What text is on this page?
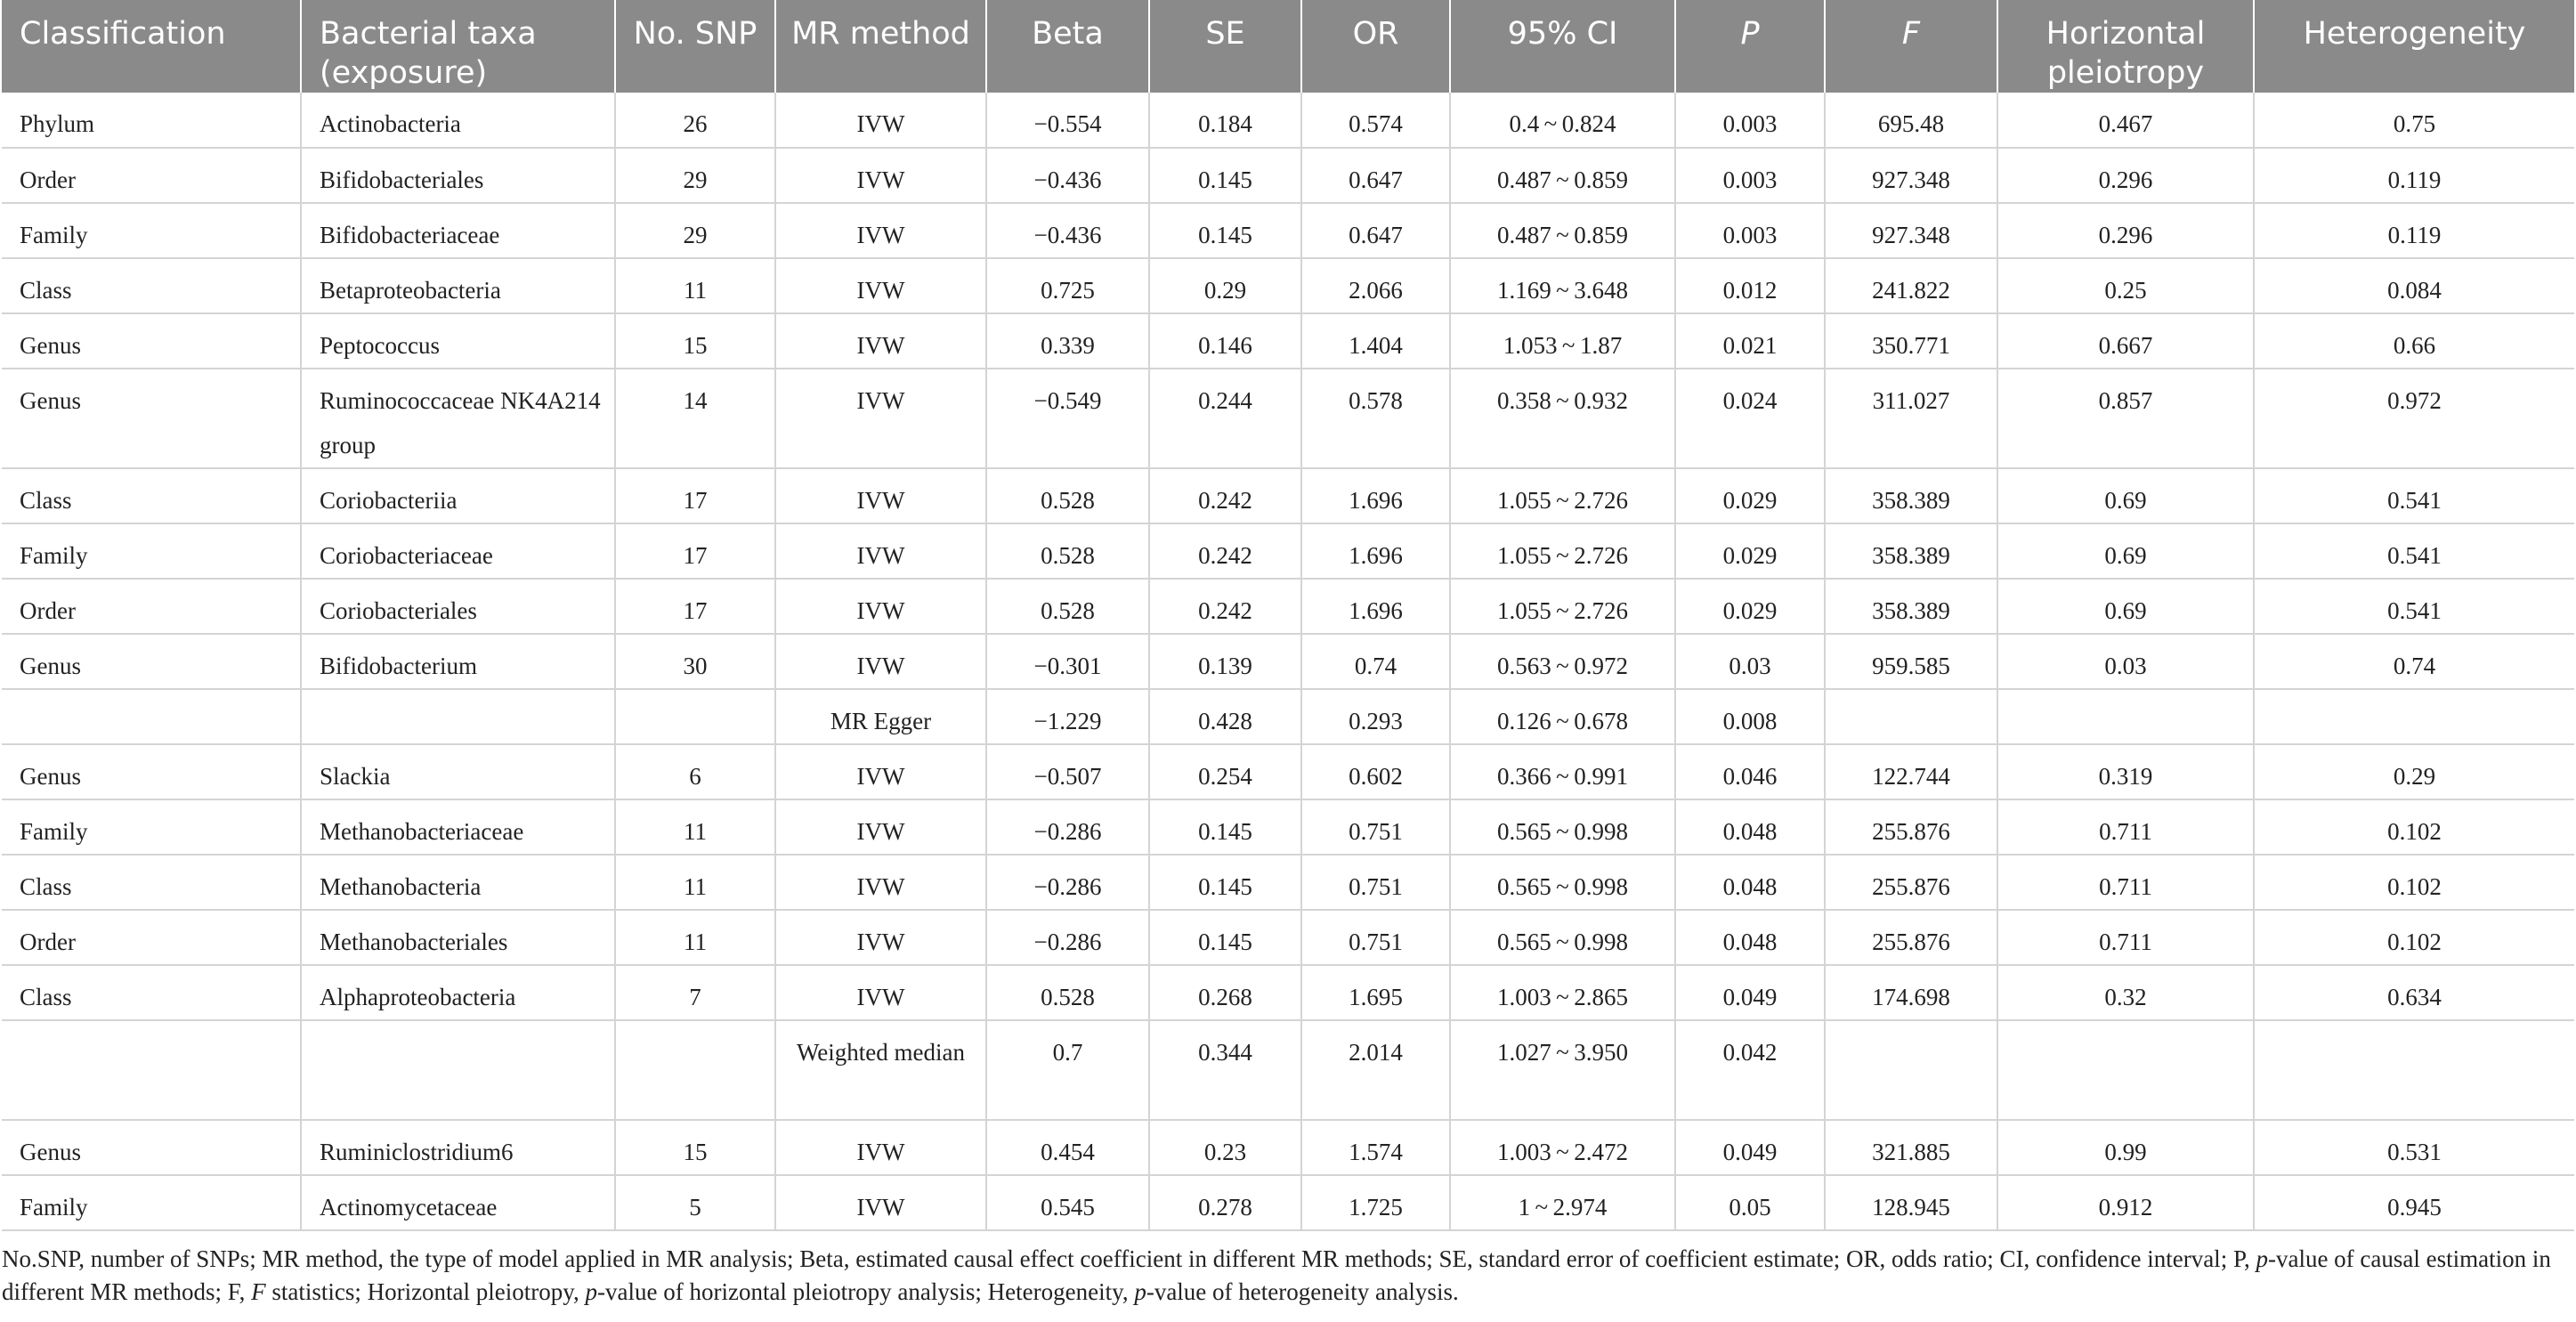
Classification	Bacterial taxa (exposure)	No. SNP	MR method	Beta	SE	OR	95% CI	P	F	Horizontal pleiotropy	Heterogeneity
Phylum	Actinobacteria	26	IVW	−0.554	0.184	0.574	0.4 ~ 0.824	0.003	695.48	0.467	0.75
Order	Bifidobacteriales	29	IVW	−0.436	0.145	0.647	0.487 ~ 0.859	0.003	927.348	0.296	0.119
Family	Bifidobacteriaceae	29	IVW	−0.436	0.145	0.647	0.487 ~ 0.859	0.003	927.348	0.296	0.119
Class	Betaproteobacteria	11	IVW	0.725	0.29	2.066	1.169 ~ 3.648	0.012	241.822	0.25	0.084
Genus	Peptococcus	15	IVW	0.339	0.146	1.404	1.053 ~ 1.87	0.021	350.771	0.667	0.66
Genus	Ruminococcaceae NK4A214 group	14	IVW	−0.549	0.244	0.578	0.358 ~ 0.932	0.024	311.027	0.857	0.972
Class	Coriobacteriia	17	IVW	0.528	0.242	1.696	1.055 ~ 2.726	0.029	358.389	0.69	0.541
Family	Coriobacteriaceae	17	IVW	0.528	0.242	1.696	1.055 ~ 2.726	0.029	358.389	0.69	0.541
Order	Coriobacteriales	17	IVW	0.528	0.242	1.696	1.055 ~ 2.726	0.029	358.389	0.69	0.541
Genus	Bifidobacterium	30	IVW	−0.301	0.139	0.74	0.563 ~ 0.972	0.03	959.585	0.03	0.74
			MR Egger	−1.229	0.428	0.293	0.126 ~ 0.678	0.008			
Genus	Slackia	6	IVW	−0.507	0.254	0.602	0.366 ~ 0.991	0.046	122.744	0.319	0.29
Family	Methanobacteriaceae	11	IVW	−0.286	0.145	0.751	0.565 ~ 0.998	0.048	255.876	0.711	0.102
Class	Methanobacteria	11	IVW	−0.286	0.145	0.751	0.565 ~ 0.998	0.048	255.876	0.711	0.102
Order	Methanobacteriales	11	IVW	−0.286	0.145	0.751	0.565 ~ 0.998	0.048	255.876	0.711	0.102
Class	Alphaproteobacteria	7	IVW	0.528	0.268	1.695	1.003 ~ 2.865	0.049	174.698	0.32	0.634
			Weighted median	0.7	0.344	2.014	1.027 ~ 3.950	0.042			
Genus	Ruminiclostridium6	15	IVW	0.454	0.23	1.574	1.003 ~ 2.472	0.049	321.885	0.99	0.531
Family	Actinomycetaceae	5	IVW	0.545	0.278	1.725	1 ~ 2.974	0.05	128.945	0.912	0.945
No.SNP, number of SNPs; MR method, the type of model applied in MR analysis; Beta, estimated causal effect coefficient in different MR methods; SE, standard error of coefficient estimate; OR, odds ratio; CI, confidence interval; P, p-value of causal estimation in different MR methods; F, F statistics; Horizontal pleiotropy, p-value of horizontal pleiotropy analysis; Heterogeneity, p-value of heterogeneity analysis.
